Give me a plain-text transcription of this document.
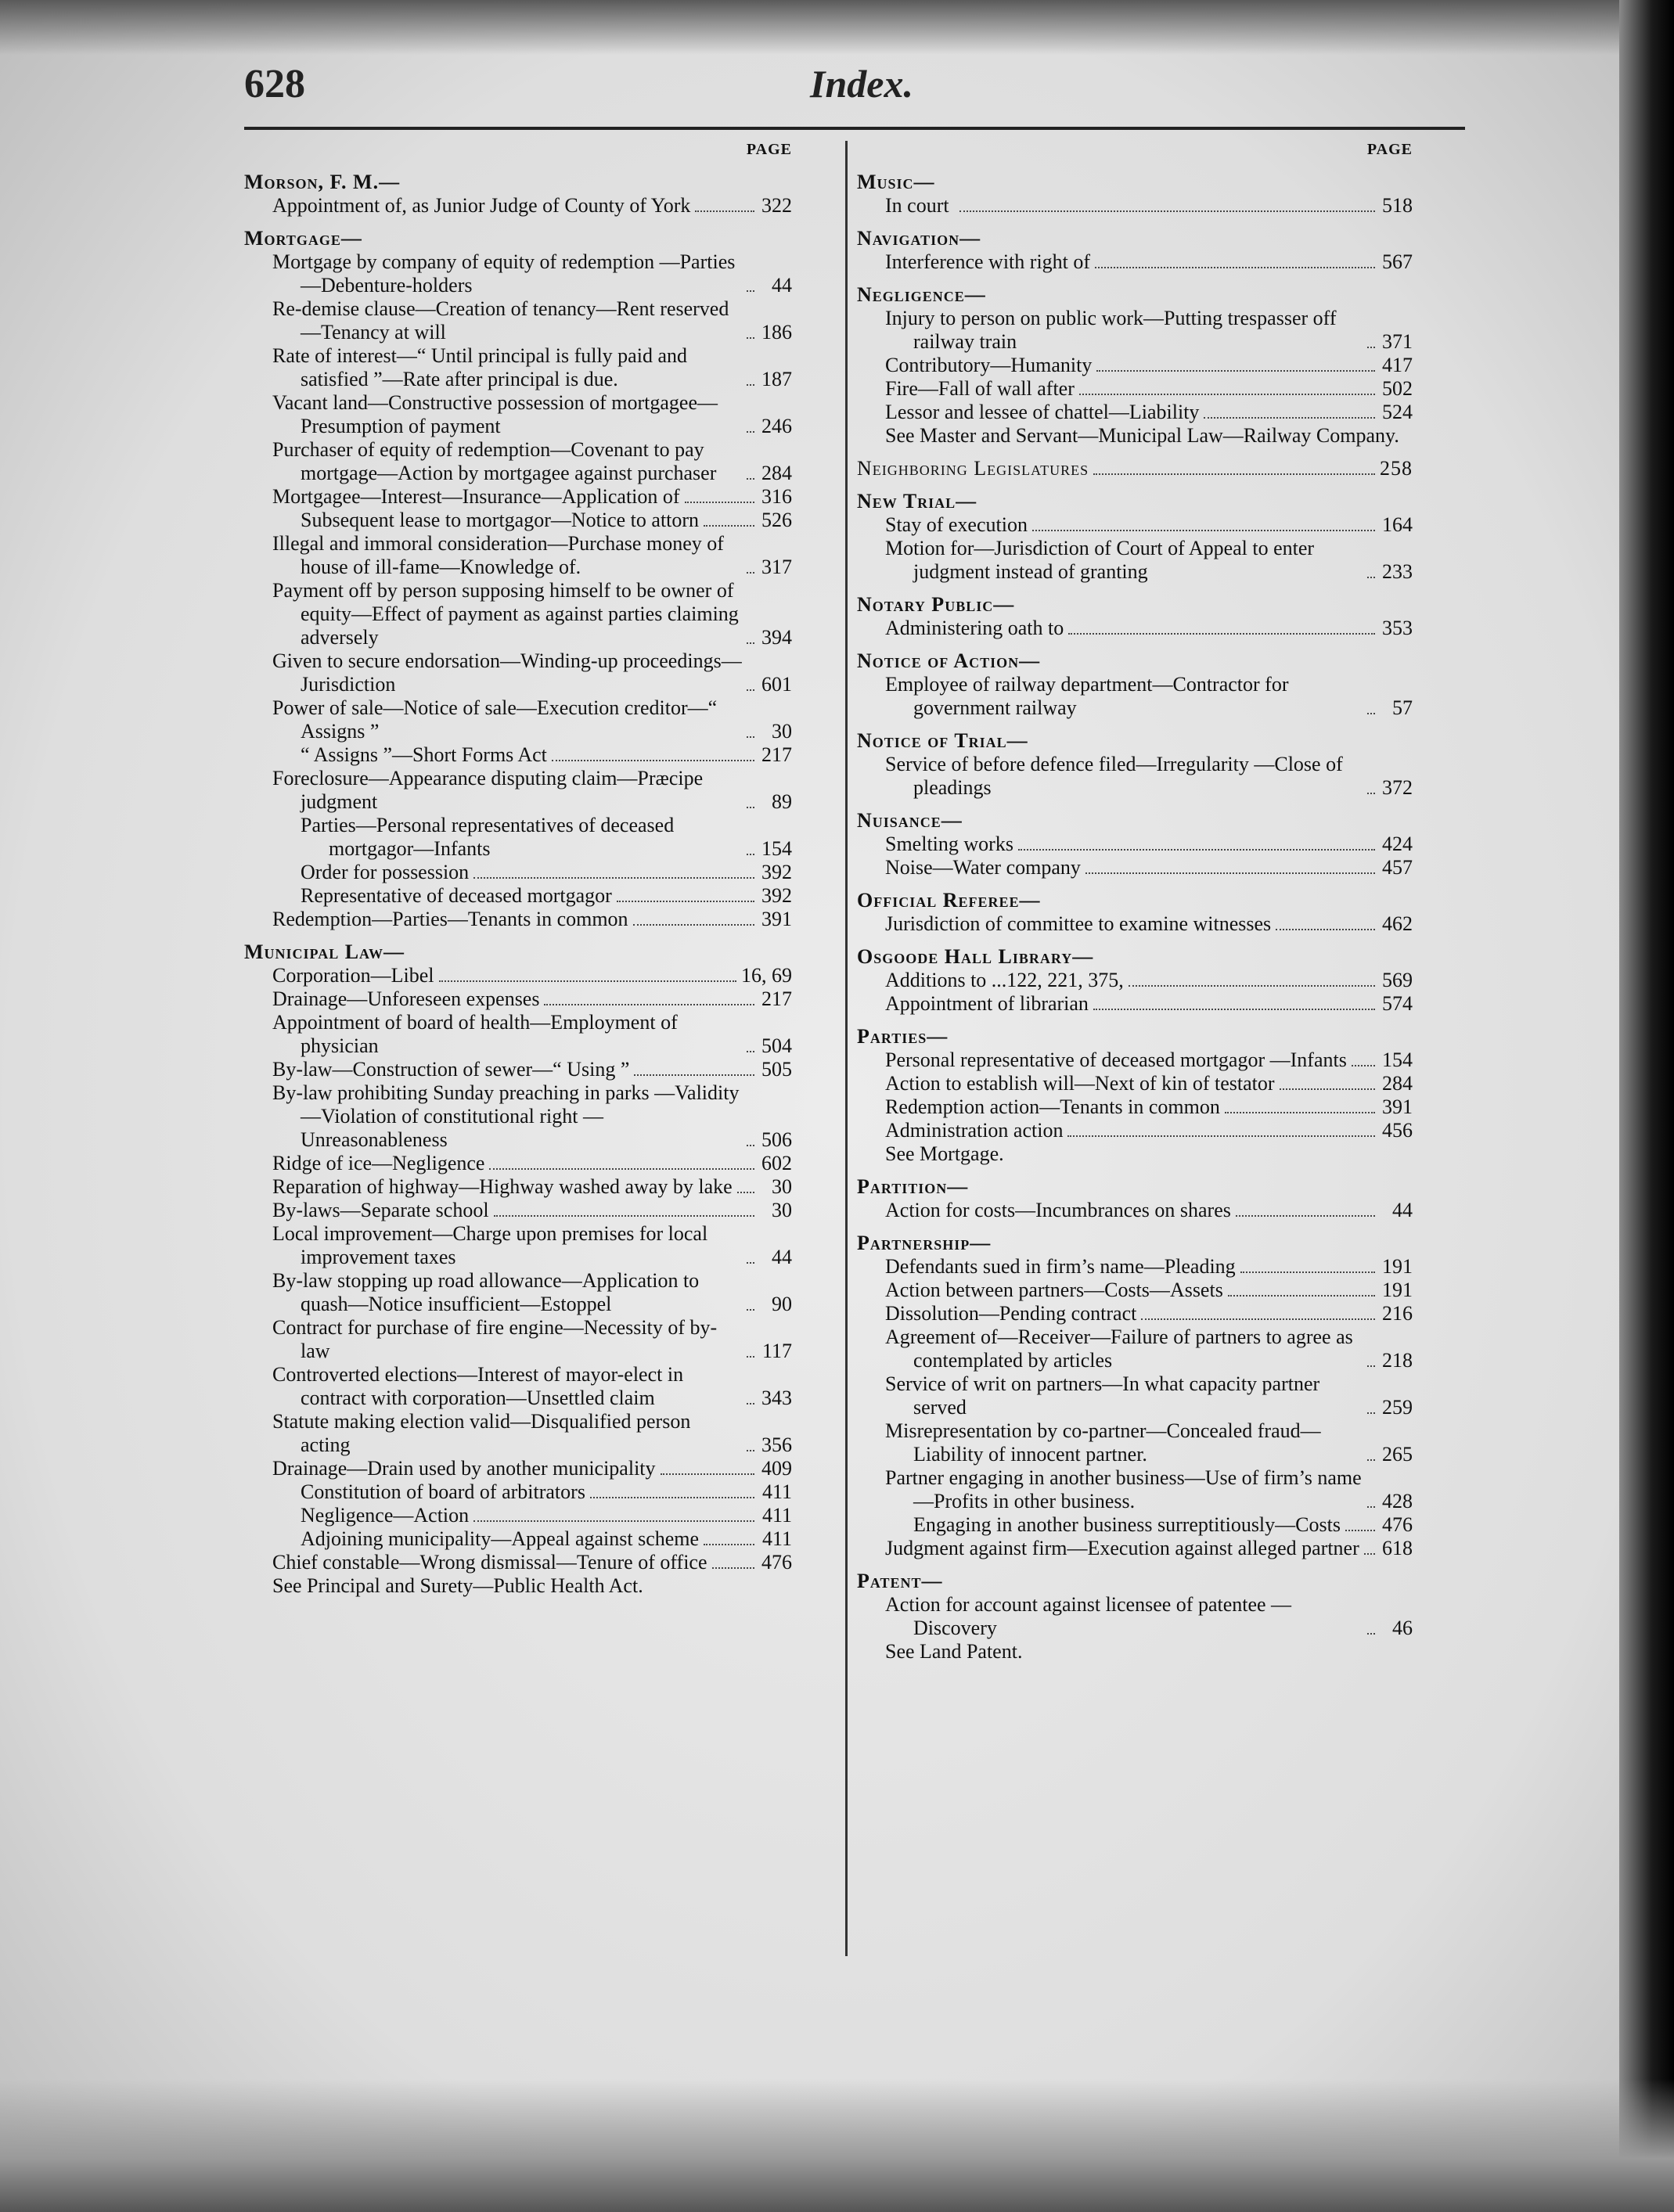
628	Index.
PAGE
Morson, F. M.—
Appointment of, as Junior Judge of County of York	322
Mortgage—
Mortgage by company of equity of redemption —Parties—Debenture-holders	44
Re-demise clause—Creation of tenancy—Rent reserved—Tenancy at will	186
Rate of interest—“ Until principal is fully paid and satisfied ”—Rate after principal is due.	187
Vacant land—Constructive possession of mortgagee—Presumption of payment	246
Purchaser of equity of redemption—Covenant to pay mortgage—Action by mortgagee against purchaser	284
Mortgagee—Interest—Insurance—Application of	316
Subsequent lease to mortgagor—Notice to attorn	526
Illegal and immoral consideration—Purchase money of house of ill-fame—Knowledge of.	317
Payment off by person supposing himself to be owner of equity—Effect of payment as against parties claiming adversely	394
Given to secure endorsation—Winding-up proceedings—Jurisdiction	601
Power of sale—Notice of sale—Execution creditor—“ Assigns ”	30
“ Assigns ”—Short Forms Act	217
Foreclosure—Appearance disputing claim—Præcipe judgment	89
Parties—Personal representatives of deceased mortgagor—Infants	154
Order for possession	392
Representative of deceased mortgagor	392
Redemption—Parties—Tenants in common	391
Municipal Law—
Corporation—Libel	16, 69
Drainage—Unforeseen expenses	217
Appointment of board of health—Employment of physician	504
By-law—Construction of sewer—“ Using ”	505
By-law prohibiting Sunday preaching in parks —Validity—Violation of constitutional right —Unreasonableness	506
Ridge of ice—Negligence	602
Reparation of highway—Highway washed away by lake	30
By-laws—Separate school	30
Local improvement—Charge upon premises for local improvement taxes	44
By-law stopping up road allowance—Application to quash—Notice insufficient—Estoppel	90
Contract for purchase of fire engine—Necessity of by-law	117
Controverted elections—Interest of mayor-elect in contract with corporation—Unsettled claim	343
Statute making election valid—Disqualified person acting	356
Drainage—Drain used by another municipality	409
Constitution of board of arbitrators	411
Negligence—Action	411
Adjoining municipality—Appeal against scheme	411
Chief constable—Wrong dismissal—Tenure of office	476
See Principal and Surety—Public Health Act.
PAGE
Music—
In court	518
Navigation—
Interference with right of	567
Negligence—
Injury to person on public work—Putting trespasser off railway train	371
Contributory—Humanity	417
Fire—Fall of wall after	502
Lessor and lessee of chattel—Liability	524
See Master and Servant—Municipal Law—Railway Company.
Neighboring Legislatures	258
New Trial—
Stay of execution	164
Motion for—Jurisdiction of Court of Appeal to enter judgment instead of granting	233
Notary Public—
Administering oath to	353
Notice of Action—
Employee of railway department—Contractor for government railway	57
Notice of Trial—
Service of before defence filed—Irregularity —Close of pleadings	372
Nuisance—
Smelting works	424
Noise—Water company	457
Official Referee—
Jurisdiction of committee to examine witnesses	462
Osgoode Hall Library—
Additions to ...122, 221, 375,	569
Appointment of librarian	574
Parties—
Personal representative of deceased mortgagor —Infants 154
Action to establish will—Next of kin of testator	284
Redemption action—Tenants in common	391
Administration action	456
See Mortgage.
Partition—
Action for costs—Incumbrances on shares	44
Partnership—
Defendants sued in firm’s name—Pleading	191
Action between partners—Costs—Assets	191
Dissolution—Pending contract	216
Agreement of—Receiver—Failure of partners to agree as contemplated by articles	218
Service of writ on partners—In what capacity partner served	259
Misrepresentation by co-partner—Concealed fraud—Liability of innocent partner.	265
Partner engaging in another business—Use of firm’s name—Profits in other business.	428
Engaging in another business surreptitiously—Costs 476
Judgment against firm—Execution against alleged partner 618
Patent—
Action for account against licensee of patentee —Discovery	46
See Land Patent.
